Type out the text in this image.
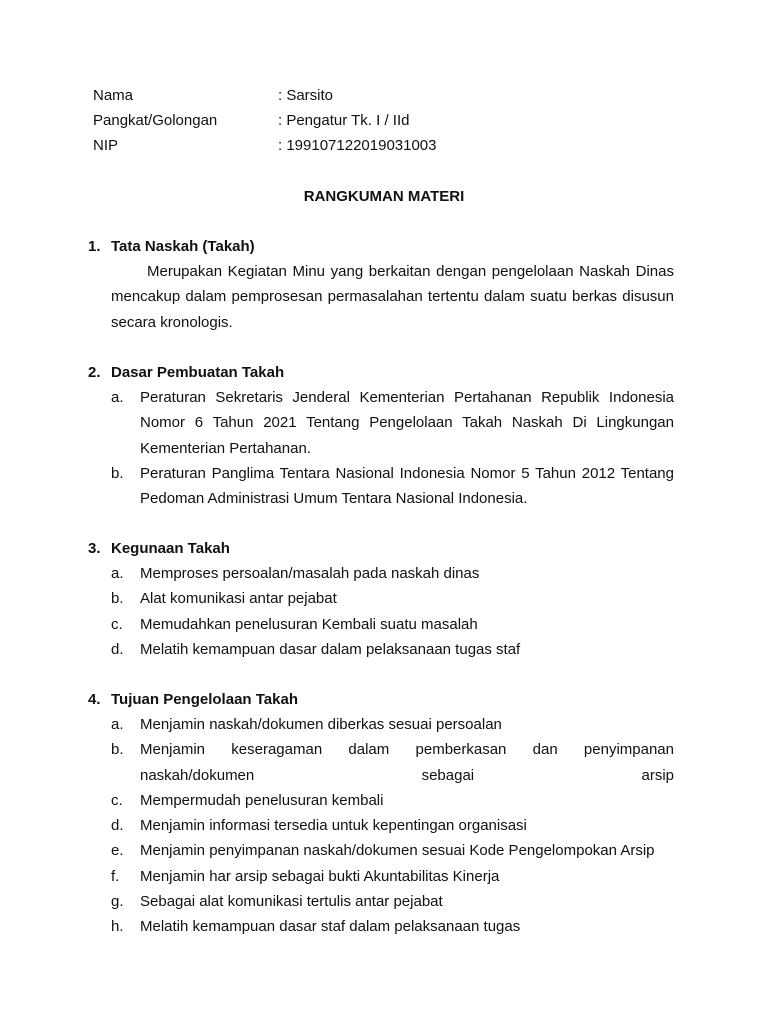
Nama	: Sarsito
Pangkat/Golongan	: Pengatur Tk. I / IId
NIP	: 199107122019031003
RANGKUMAN MATERI
1. Tata Naskah (Takah)

Merupakan Kegiatan Minu yang berkaitan dengan pengelolaan Naskah Dinas mencakup dalam pemprosesan permasalahan tertentu dalam suatu berkas disusun secara kronologis.

2. Dasar Pembuatan Takah
a.	Peraturan Sekretaris Jenderal Kementerian Pertahanan Republik Indonesia Nomor 6 Tahun 2021 Tentang Pengelolaan Takah Naskah Di Lingkungan Kementerian Pertahanan.
b.	Peraturan Panglima Tentara Nasional Indonesia Nomor 5 Tahun 2012 Tentang Pedoman Administrasi Umum Tentara Nasional Indonesia.
3. Kegunaan Takah
a.	Memproses persoalan/masalah pada naskah dinas
b.	Alat komunikasi antar pejabat
c.	Memudahkan penelusuran Kembali suatu masalah
d.	Melatih kemampuan dasar dalam pelaksanaan tugas staf
4. Tujuan Pengelolaan Takah
a.	Menjamin naskah/dokumen diberkas sesuai persoalan
b.	Menjamin keseragaman dalam pemberkasan dan penyimpanan naskah/dokumen sebagai arsip
c.	Mempermudah penelusuran kembali
d.	Menjamin informasi tersedia untuk kepentingan organisasi
e.	Menjamin penyimpanan naskah/dokumen sesuai Kode Pengelompokan Arsip
f.	Menjamin har arsip sebagai bukti Akuntabilitas Kinerja
g.	Sebagai alat komunikasi tertulis antar pejabat
h.	Melatih kemampuan dasar staf dalam pelaksanaan tugas
